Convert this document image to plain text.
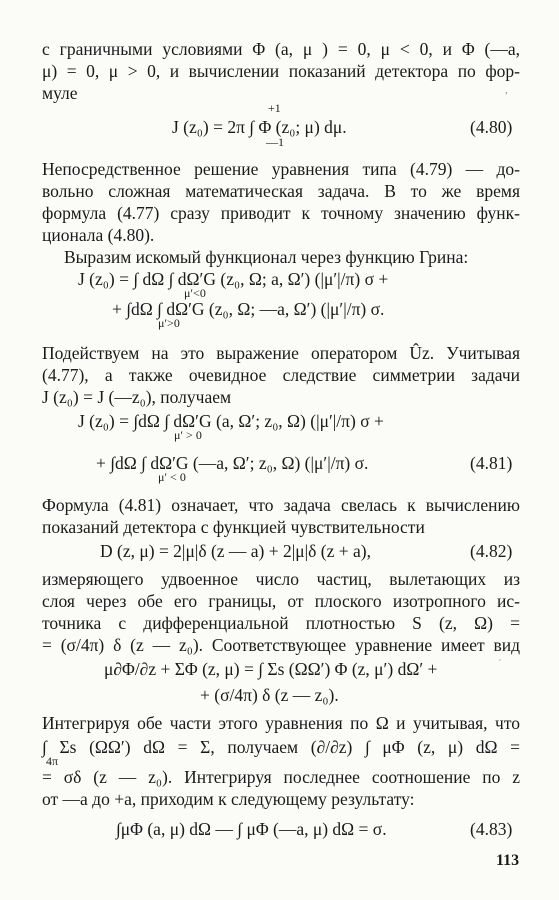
с граничными условиями Φ (a, μ ) = 0, μ < 0, и Φ (—a,
μ) = 0, μ > 0, и вычислении показаний детектора по фор-
муле	,
+1
J (z₀) = 2π ∫ Φ (z₀; μ) dμ.
—1
(4.80)
Непосредственное решение уравнения типа (4.79) — до-
вольно сложная математическая задача. В то же время
формула (4.77) сразу приводит к точному значению функ-
ционала (4.80).
Выразим искомый функционал через функцию Грина:
J (z₀) = ∫ dΩ ∫ dΩ′G (z₀, Ω; a, Ω′) (|μ′|/π) σ +
μ′<0
+ ∫dΩ ∫ dΩ′G (z₀, Ω; —a, Ω′) (|μ′|/π) σ.
μ′>0
Подействуем на это выражение оператором Ûz. Учитывая
(4.77), а также очевидное следствие симметрии задачи
J (z₀) = J (—z₀), получаем
J (z₀) = ∫dΩ ∫ dΩ′G (a, Ω′; z₀, Ω) (|μ′|/π) σ +
μ′ > 0
+ ∫dΩ ∫ dΩ′G (—a, Ω′; z₀, Ω) (|μ′|/π) σ.
μ′ < 0
(4.81)
Формула (4.81) означает, что задача свелась к вычислению
показаний детектора с функцией чувствительности
D (z, μ) = 2|μ|δ (z — a) + 2|μ|δ (z + a),	(4.82)
измеряющего удвоенное число частиц, вылетающих из
слоя через обе его границы, от плоского изотропного ис-
точника с дифференциальной плотностью S (z, Ω) =
= (σ/4π) δ (z — z₀). Соответствующее уравнение имеет вид
μ∂Φ/∂z + ΣΦ (z, μ) = ∫ Σs (ΩΩ′) Φ (z, μ′) dΩ′ +	´
+ (σ/4π) δ (z — z₀).
Интегрируя обе части этого уравнения по Ω и учитывая, что
∫ Σs (ΩΩ′) dΩ = Σ, получаем (∂/∂z) ∫ μΦ (z, μ) dΩ =
4π
= σδ (z — z₀). Интегрируя последнее соотношение по z
от —a до +a, приходим к следующему результату:
∫μΦ (a, μ) dΩ — ∫ μΦ (—a, μ) dΩ = σ.	(4.83)
113
